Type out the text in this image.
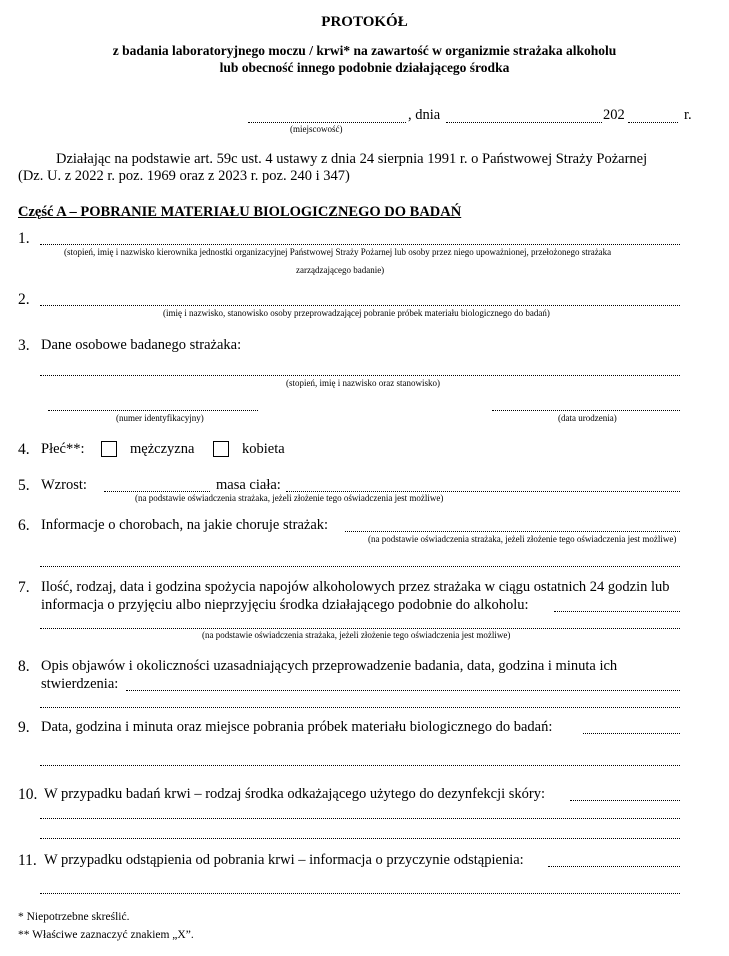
PROTOKÓŁ
z badania laboratoryjnego moczu / krwi* na zawartość w organizmie strażaka alkoholu
lub obecność innego podobnie działającego środka
, dnia	202	r.
(miejscowość)
Działając na podstawie art. 59c ust. 4 ustawy z dnia 24 sierpnia 1991 r. o Państwowej Straży Pożarnej
(Dz. U. z 2022 r. poz. 1969 oraz z 2023 r. poz. 240 i 347)
Część A – POBRANIE MATERIAŁU BIOLOGICZNEGO DO BADAŃ
1.
(stopień, imię i nazwisko kierownika jednostki organizacyjnej Państwowej Straży Pożarnej lub osoby przez niego upoważnionej, przełożonego strażaka
zarządzającego badanie)
2.
(imię i nazwisko, stanowisko osoby przeprowadzającej pobranie próbek materiału biologicznego do badań)
3. Dane osobowe badanego strażaka:
(stopień, imię i nazwisko oraz stanowisko)
(numer identyfikacyjny)	(data urodzenia)
4. Płeć**:	mężczyzna	kobieta
5. Wzrost:	masa ciała:
(na podstawie oświadczenia strażaka, jeżeli złożenie tego oświadczenia jest możliwe)
6. Informacje o chorobach, na jakie choruje strażak:
(na podstawie oświadczenia strażaka, jeżeli złożenie tego oświadczenia jest możliwe)
7. Ilość, rodzaj, data i godzina spożycia napojów alkoholowych przez strażaka w ciągu ostatnich 24 godzin lub
informacja o przyjęciu albo nieprzyjęciu środka działającego podobnie do alkoholu:
(na podstawie oświadczenia strażaka, jeżeli złożenie tego oświadczenia jest możliwe)
8. Opis objawów i okoliczności uzasadniających przeprowadzenie badania, data, godzina i minuta ich
stwierdzenia:
9. Data, godzina i minuta oraz miejsce pobrania próbek materiału biologicznego do badań:
10. W przypadku badań krwi – rodzaj środka odkażającego użytego do dezynfekcji skóry:
11. W przypadku odstąpienia od pobrania krwi – informacja o przyczynie odstąpienia:
* Niepotrzebne skreślić.
** Właściwe zaznaczyć znakiem „X”.
